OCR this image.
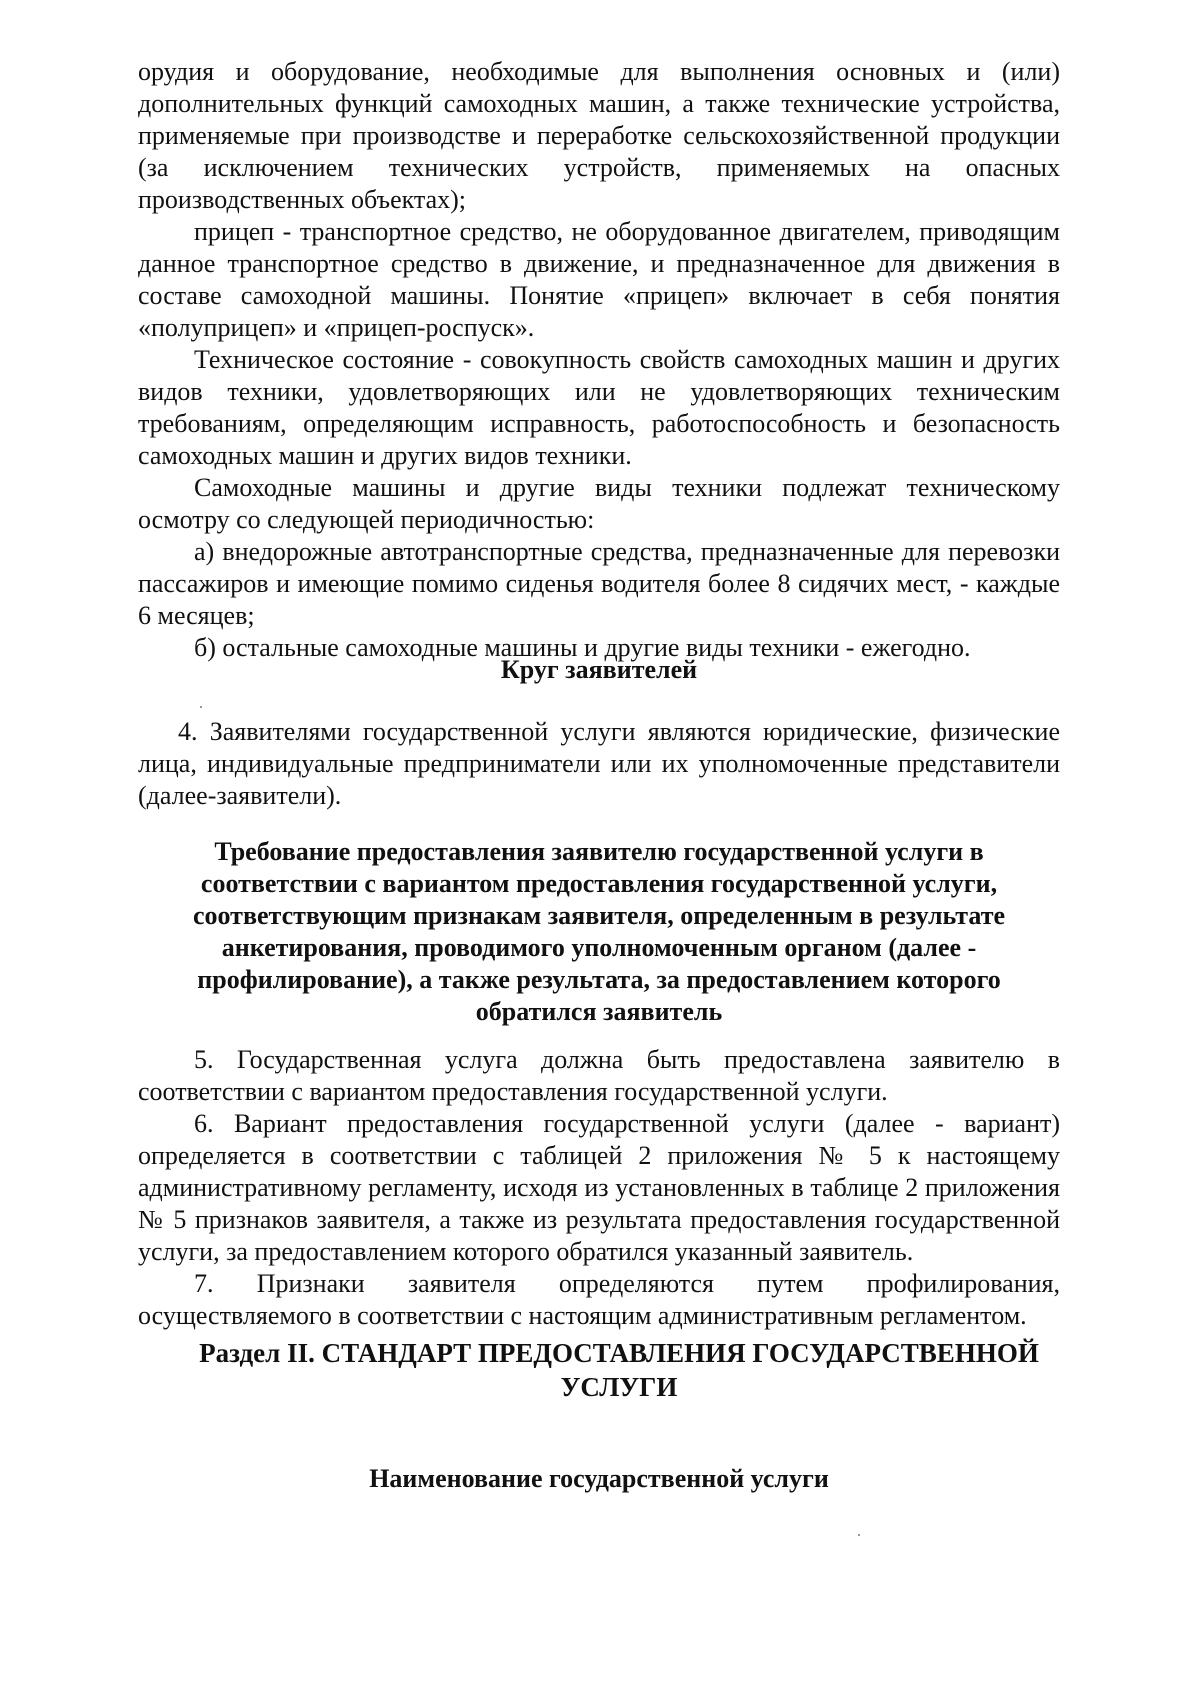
орудия и оборудование, необходимые для выполнения основных и (или) дополнительных функций самоходных машин, а также технические устройства, применяемые при производстве и переработке сельскохозяйственной продукции (за исключением технических устройств, применяемых на опасных производственных объектах);

прицеп - транспортное средство, не оборудованное двигателем, приводящим данное транспортное средство в движение, и предназначенное для движения в составе самоходной машины. Понятие «прицеп» включает в себя понятия «полуприцеп» и «прицеп-роспуск».

Техническое состояние - совокупность свойств самоходных машин и других видов техники, удовлетворяющих или не удовлетворяющих техническим требованиям, определяющим исправность, работоспособность и безопасность самоходных машин и других видов техники.

Самоходные машины и другие виды техники подлежат техническому осмотру со следующей периодичностью:

а) внедорожные автотранспортные средства, предназначенные для перевозки пассажиров и имеющие помимо сиденья водителя более 8 сидячих мест, - каждые 6 месяцев;

б) остальные самоходные машины и другие виды техники - ежегодно.

Круг заявителей

4. Заявителями государственной услуги являются юридические, физические лица, индивидуальные предприниматели или их уполномоченные представители (далее-заявители).

Требование предоставления заявителю государственной услуги в соответствии с вариантом предоставления государственной услуги, соответствующим признакам заявителя, определенным в результате анкетирования, проводимого уполномоченным органом (далее - профилирование), а также результата, за предоставлением которого обратился заявитель

5. Государственная услуга должна быть предоставлена заявителю в соответствии с вариантом предоставления государственной услуги.

6. Вариант предоставления государственной услуги (далее - вариант) определяется в соответствии с таблицей 2 приложения № 5 к настоящему административному регламенту, исходя из установленных в таблице 2 приложения № 5 признаков заявителя, а также из результата предоставления государственной услуги, за предоставлением которого обратился указанный заявитель.

7. Признаки заявителя определяются путем профилирования, осуществляемого в соответствии с настоящим административным регламентом.

Раздел II. СТАНДАРТ ПРЕДОСТАВЛЕНИЯ ГОСУДАРСТВЕННОЙ УСЛУГИ
Наименование государственной услуги
